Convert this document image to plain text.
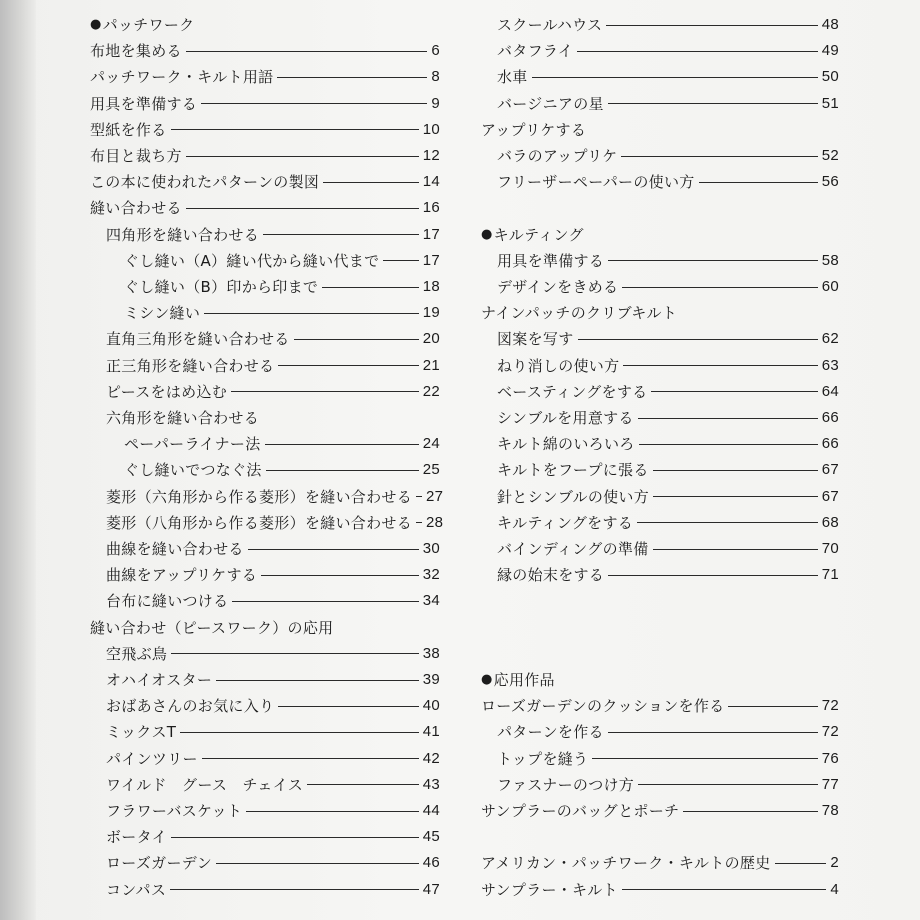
● パッチワーク
布地を集める	6
パッチワーク・キルト用語	8
用具を準備する	9
型紙を作る	10
布目と裁ち方	12
この本に使われたパターンの製図	14
縫い合わせる	16
四角形を縫い合わせる	17
ぐし縫い（A）縫い代から縫い代まで	17
ぐし縫い（B）印から印まで	18
ミシン縫い	19
直角三角形を縫い合わせる	20
正三角形を縫い合わせる	21
ピースをはめ込む	22
六角形を縫い合わせる
ペーパーライナー法	24
ぐし縫いでつなぐ法	25
菱形（六角形から作る菱形）を縫い合わせる 27
菱形（八角形から作る菱形）を縫い合わせる 28
曲線を縫い合わせる	30
曲線をアップリケする	32
台布に縫いつける	34
縫い合わせ（ピースワーク）の応用
空飛ぶ鳥	38
オハイオスター	39
おばあさんのお気に入り	40
ミックスT	41
パインツリー	42
ワイルド　グース　チェイス	43
フラワーバスケット	44
ボータイ	45
ローズガーデン	46
コンパス	47
スクールハウス	48
バタフライ	49
水車	50
バージニアの星	51
アップリケする
バラのアップリケ	52
フリーザーペーパーの使い方	56
● キルティング
用具を準備する	58
デザインをきめる	60
ナインパッチのクリブキルト
図案を写す	62
ねり消しの使い方	63
ベースティングをする	64
シンブルを用意する	66
キルト綿のいろいろ	66
キルトをフープに張る	67
針とシンブルの使い方	67
キルティングをする	68
バインディングの準備	70
縁の始末をする	71
● 応用作品
ローズガーデンのクッションを作る	72
パターンを作る	72
トップを縫う	76
ファスナーのつけ方	77
サンプラーのバッグとポーチ	78
アメリカン・パッチワーク・キルトの歴史	2
サンプラー・キルト	4
